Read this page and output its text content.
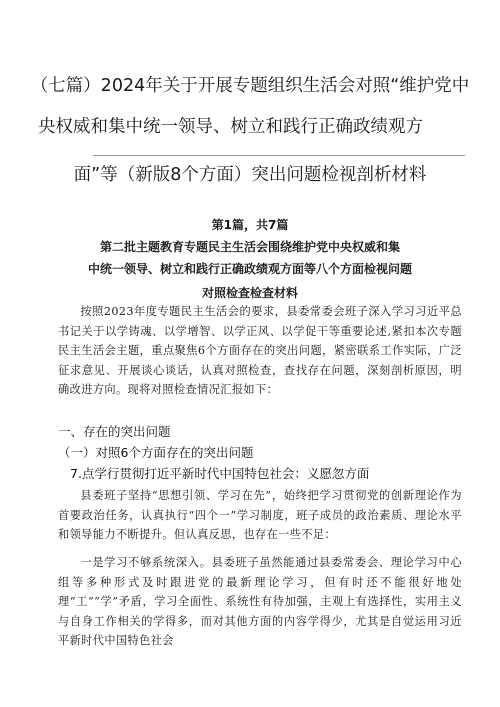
（七篇）2024年关于开展专题组织生活会对照“维护党中
央权威和集中统一领导、树立和践行正确政绩观方
面”等（新版8个方面）突出问题检视剖析材料
第1篇，共7篇
第二批主题教育专题民主生活会围绕维护党中央权威和集
中统一领导、树立和践行正确政绩观方面等八个方面检视问题
对照检查检查材料

按照2023年度专题民主生活会的要求，县委常委会班子深入学习习近平总书记关于以学铸魂、以学增智、以学正风、以学促干等重要论述,紧扣本次专题民主生活会主题，重点聚焦6个方面存在的突出问题，紧密联系工作实际，广泛征求意见、开展谈心谈话，认真对照检查，查找存在问题，深刻剖析原因，明确改进方向。现将对照检查情况汇报如下：

一、存在的突出问题
（一）对照6个方面存在的突出问题
7.点学行贯彻打近平新时代中国特包社会：义愿忽方面

县委班子坚持“思想引领、学习在先”，始终把学习贯彻党的创新理论作为首要政治任务，认真执行“四个一”学习制度，班子成员的政治素质、理论水平和领导能力不断提升。但认真反思，也存在一些不足：

一是学习不够系统深入。县委班子虽然能通过县委常委会、理论学习中心组等多种形式及时跟进党的最新理论学习，但有时还不能很好地处理“工”“学”矛盾，学习全面性、系统性有待加强，主观上有选择性，实用主义与自身工作相关的学得多，而对其他方面的内容学得少，尤其是自觉运用习近平新时代中国特色社会
